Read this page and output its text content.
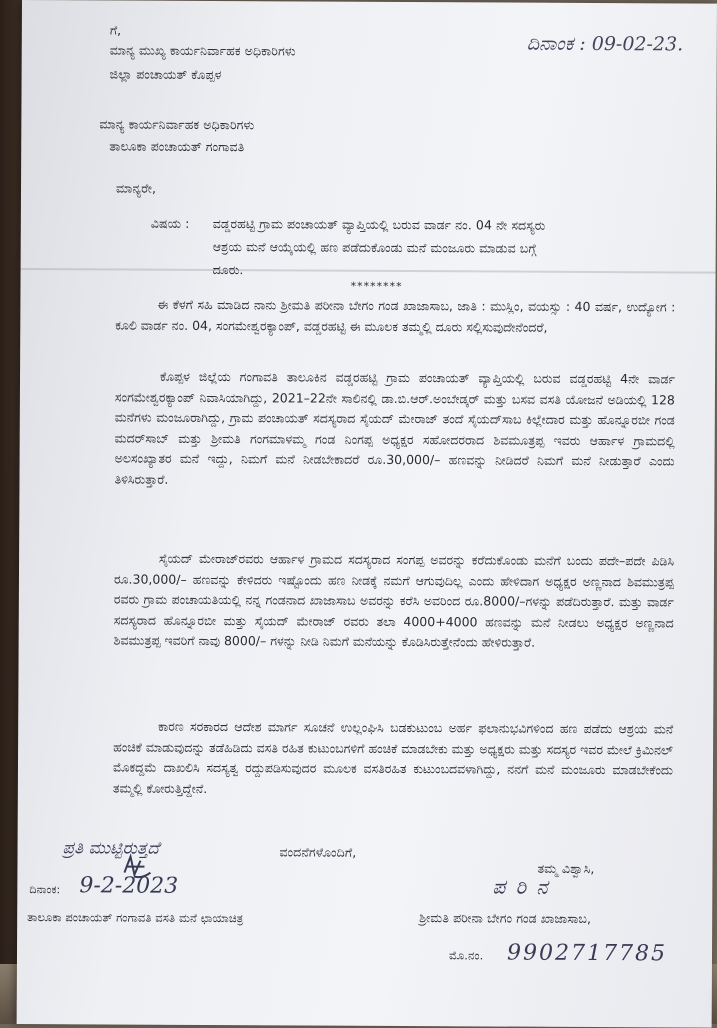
ದಿನಾಂಕ : 09-02-23.
ಗೆ,
ಮಾನ್ಯ ಮುಖ್ಯ ಕಾರ್ಯನಿರ್ವಾಹಕ ಅಧಿಕಾರಿಗಳು
ಜಿಲ್ಲಾ ಪಂಚಾಯತ್ ಕೊಪ್ಪಳ
ಮಾನ್ಯ ಕಾರ್ಯನಿರ್ವಾಹಕ ಅಧಿಕಾರಿಗಳು
ತಾಲೂಕಾ ಪಂಚಾಯತ್ ಗಂಗಾವತಿ
ಮಾನ್ಯರೇ,
ವಿಷಯ : ವಡ್ಡರಹಟ್ಟಿ ಗ್ರಾಮ ಪಂಚಾಯತ್ ವ್ಯಾಪ್ತಿಯಲ್ಲಿ ಬರುವ ವಾರ್ಡ ನಂ. 04 ನೇ ಸದಸ್ಯರು
ಆಶ್ರಯ ಮನೆ ಆಯ್ಕೆಯಲ್ಲಿ ಹಣ ಪಡೆದುಕೊಂಡು ಮನೆ ಮಂಜೂರು ಮಾಡುವ ಬಗ್ಗೆ
ದೂರು.
********
ಈ ಕೆಳಗೆ ಸಹಿ ಮಾಡಿದ ನಾನು ಶ್ರೀಮತಿ ಪರೀನಾ ಬೇಗಂ ಗಂಡ ಖಾಜಾಸಾಬ, ಜಾತಿ : ಮುಸ್ಲಿಂ, ವಯಸ್ಸು : 40 ವರ್ಷ, ಉದ್ಯೋಗ : ಕೂಲಿ ವಾರ್ಡ ನಂ. 04, ಸಂಗಮೇಶ್ವರಕ್ಯಾಂಪ್, ವಡ್ಡರಹಟ್ಟಿ ಈ ಮೂಲಕ ತಮ್ಮಲ್ಲಿ ದೂರು ಸಲ್ಲಿಸುವುದೇನೆಂದರೆ,
ಕೊಪ್ಪಳ ಜಿಲ್ಲೆಯ ಗಂಗಾವತಿ ತಾಲೂಕಿನ ವಡ್ಡರಹಟ್ಟಿ ಗ್ರಾಮ ಪಂಚಾಯತ್ ವ್ಯಾಪ್ತಿಯಲ್ಲಿ ಬರುವ ವಡ್ಡರಹಟ್ಟಿ 4ನೇ ವಾರ್ಡ ಸಂಗಮೇಶ್ವರಕ್ಯಾಂಪ್ ನಿವಾಸಿಯಾಗಿದ್ದು, 2021–22ನೇ ಸಾಲಿನಲ್ಲಿ ಡಾ.ಬಿ.ಆರ್.ಅಂಬೇಡ್ಕರ್ ಮತ್ತು ಬಸವ ವಸತಿ ಯೋಜನೆ ಅಡಿಯಲ್ಲಿ 128 ಮನೆಗಳು ಮಂಜೂರಾಗಿದ್ದು, ಗ್ರಾಮ ಪಂಚಾಯತ್ ಸದಸ್ಯರಾದ ಸೈಯದ್ ಮೇರಾಜ್ ತಂದೆ ಸೈಯದ್‌ಸಾಬ ಕಿಲ್ಲೇದಾರ ಮತ್ತು ಹೊನ್ನೂರಬೀ ಗಂಡ ಮದರ್‌ಸಾಬ್ ಮತ್ತು ಶ್ರೀಮತಿ ಗಂಗಮಾಳಮ್ಮ ಗಂಡ ನಿಂಗಪ್ಪ ಅಧ್ಯಕ್ಷರ ಸಹೋದರರಾದ ಶಿವಮೂತ್ರಪ್ಪ ಇವರು ಆರ್ಹಾಳ ಗ್ರಾಮದಲ್ಲಿ ಅಲಸಂಖ್ಯಾತರ ಮನೆ ಇದ್ದು, ನಿಮಗೆ ಮನೆ ನೀಡಬೇಕಾದರೆ ರೂ.30,000/– ಹಣವನ್ನು ನೀಡಿದರೆ ನಿಮಗೆ ಮನೆ ನೀಡುತ್ತಾರೆ ಎಂದು ತಿಳಿಸಿರುತ್ತಾರೆ.
ಸೈಯದ್ ಮೇರಾಜ್‌ರವರು ಆರ್ಹಾಳ ಗ್ರಾಮದ ಸದಸ್ಯರಾದ ಸಂಗಪ್ಪ ಅವರನ್ನು ಕರೆದುಕೊಂಡು ಮನೆಗೆ ಬಂದು ಪದೇ–ಪದೇ ಪಿಡಿಸಿ ರೂ.30,000/– ಹಣವನ್ನು ಕೇಳಿದರು ಇಷ್ಟೊಂದು ಹಣ ನೀಡಕ್ಕೆ ನಮಗೆ ಆಗುವುದಿಲ್ಲ ಎಂದು ಹೇಳಿದಾಗ ಅಧ್ಯಕ್ಷರ ಅಣ್ಣನಾದ ಶಿವಮುತ್ರಪ್ಪ ರವರು ಗ್ರಾಮ ಪಂಚಾಯತಿಯಲ್ಲಿ ನನ್ನ ಗಂಡನಾದ ಖಾಜಾಸಾಬ ಅವರನ್ನು ಕರೆಸಿ ಅವರಿಂದ ರೂ.8000/–ಗಳನ್ನು ಪಡೆದಿರುತ್ತಾರೆ. ಮತ್ತು ವಾರ್ಡ ಸದಸ್ಯರಾದ ಹೊನ್ನೂರಬೀ ಮತ್ತು ಸೈಯದ್ ಮೇರಾಜ್ ರವರು ತಲಾ 4000+4000 ಹಣವನ್ನು ಮನೆ ನೀಡಲು ಅಧ್ಯಕ್ಷರ ಅಣ್ಣನಾದ ಶಿವಮುತ್ರಪ್ಪ ಇವರಿಗೆ ನಾವು 8000/– ಗಳನ್ನು ನೀಡಿ ನಿಮಗೆ ಮನೆಯನ್ನು ಕೊಡಿಸಿರುತ್ತೇನೆಂದು ಹೇಳಿರುತ್ತಾರೆ.
ಕಾರಣ ಸರಕಾರದ ಆದೇಶ ಮಾರ್ಗ ಸೂಚನೆ ಉಲ್ಲಂಘಿಸಿ ಬಡಕುಟುಂಬ ಅರ್ಹ ಫಲಾನುಭವಿಗಳಿಂದ ಹಣ ಪಡೆದು ಆಶ್ರಯ ಮನೆ ಹಂಚಿಕೆ ಮಾಡುವುದನ್ನು ತಡೆಹಿಡಿದು ವಸತಿ ರಹಿತ ಕುಟುಂಬಗಳಿಗೆ ಹಂಚಿಕೆ ಮಾಡಬೇಕು ಮತ್ತು ಅಧ್ಯಕ್ಷರು ಮತ್ತು ಸದಸ್ಯರ ಇವರ ಮೇಲೆ ಕ್ರಿಮಿನಲ್ ಮೊಕದ್ದಮೆ ದಾಖಲಿಸಿ ಸದಸ್ಯತ್ವ ರದ್ದುಪಡಿಸುವುದರ ಮೂಲಕ ವಸತಿರಹಿತ ಕುಟುಂಬದವಳಾಗಿದ್ದು, ನನಗೆ ಮನೆ ಮಂಜೂರು ಮಾಡಬೇಕೆಂದು ತಮ್ಮಲ್ಲಿ ಕೋರುತ್ತಿದ್ದೇನೆ.
ಪ್ರತಿ ಮುಟ್ಟಿರುತ್ತದೆ	ವಂದನೆಗಳೊಂದಿಗೆ,
ತಮ್ಮ ವಿಶ್ವಾಸಿ,
ಪ ರಿ ನ
ದಿನಾಂಕ: 9-2-2023
ತಾಲೂಕಾ ಪಂಚಾಯತ್ ಗಂಗಾವತಿ ವಸತಿ ಮನೆ ಛಾಯಾಚಿತ್ರ	ಶ್ರೀಮತಿ ಪರೀನಾ ಬೇಗಂ ಗಂಡ ಖಾಜಾಸಾಬ,
ಮೊ.ನಂ. 9902717785
